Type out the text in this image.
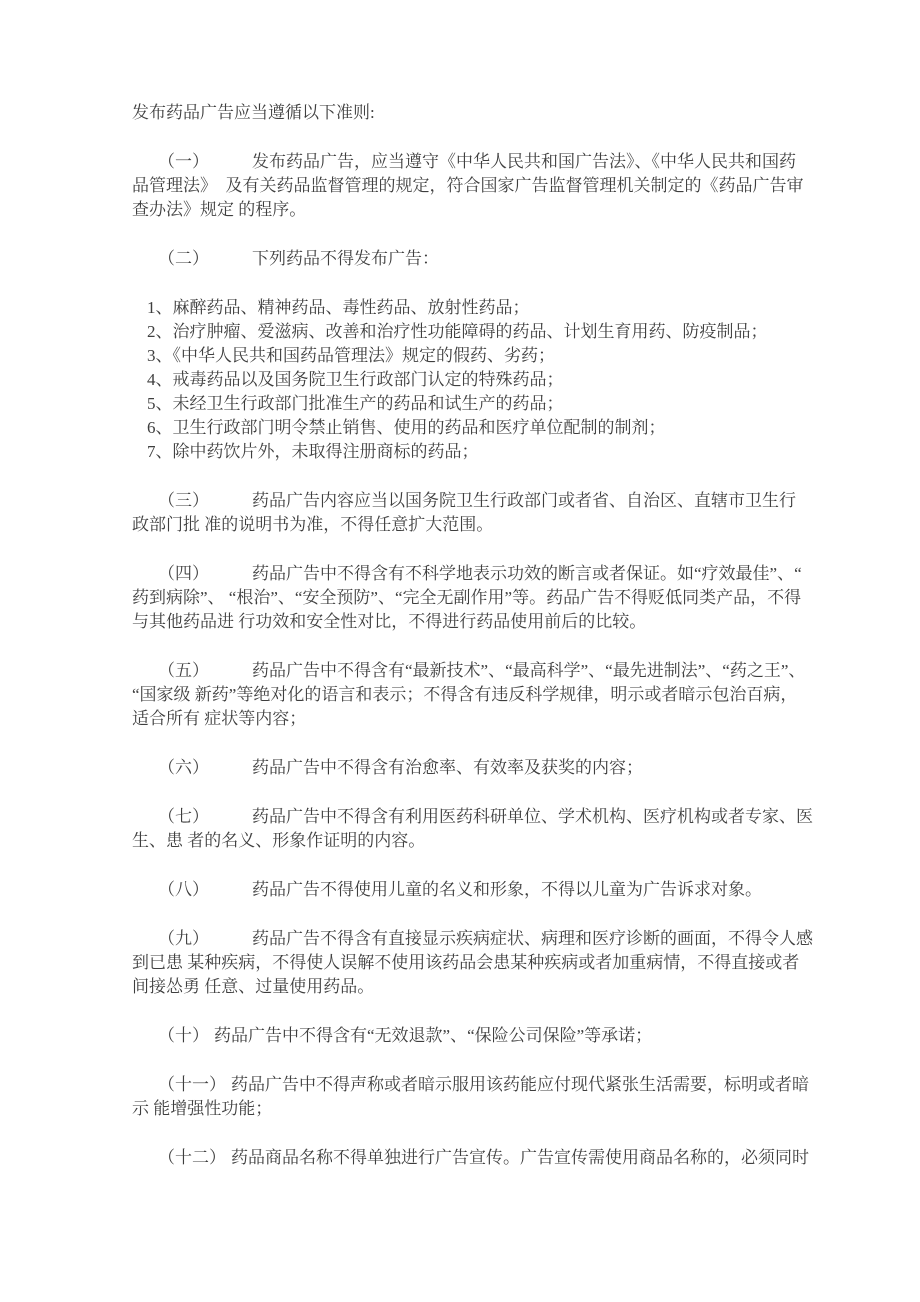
发布药品广告应当遵循以下准则:
（一）	发布药品广告，应当遵守《中华人民共和国广告法》、《中华人民共和国药
品管理法》　及有关药品监督管理的规定，符合国家广告监督管理机关制定的《药品广告审
查办法》规定 的程序。
（二）	下列药品不得发布广告：
1、麻醉药品、精神药品、毒性药品、放射性药品；
2、治疗肿瘤、爱滋病、改善和治疗性功能障碍的药品、计划生育用药、防疫制品；
3、《中华人民共和国药品管理法》规定的假药、劣药；
4、戒毒药品以及国务院卫生行政部门认定的特殊药品；
5、未经卫生行政部门批准生产的药品和试生产的药品；
6、卫生行政部门明令禁止销售、使用的药品和医疗单位配制的制剂；
7、除中药饮片外，未取得注册商标的药品；
（三）	药品广告内容应当以国务院卫生行政部门或者省、自治区、直辖市卫生行
政部门批 准的说明书为准，不得任意扩大范围。
（四）	药品广告中不得含有不科学地表示功效的断言或者保证。如“疗效最佳”、“
药到病除”、 “根治”、“安全预防”、“完全无副作用”等。药品广告不得贬低同类产品，不得
与其他药品进 行功效和安全性对比，不得进行药品使用前后的比较。
（五）	药品广告中不得含有“最新技术”、“最高科学”、“最先进制法”、“药之王”、
“国家级 新药”等绝对化的语言和表示；不得含有违反科学规律，明示或者暗示包治百病，
适合所有 症状等内容；
（六）	药品广告中不得含有治愈率、有效率及获奖的内容；
（七）	药品广告中不得含有利用医药科研单位、学术机构、医疗机构或者专家、医
生、患 者的名义、形象作证明的内容。
（八）	药品广告不得使用儿童的名义和形象，不得以儿童为广告诉求对象。
（九）	药品广告不得含有直接显示疾病症状、病理和医疗诊断的画面，不得令人感
到已患 某种疾病，不得使人误解不使用该药品会患某种疾病或者加重病情，不得直接或者
间接怂勇 任意、过量使用药品。
（十） 药品广告中不得含有“无效退款”、“保险公司保险”等承诺；
（十一） 药品广告中不得声称或者暗示服用该药能应付现代紧张生活需要，标明或者暗
示 能增强性功能；
（十二） 药品商品名称不得单独进行广告宣传。广告宣传需使用商品名称的，必须同时
